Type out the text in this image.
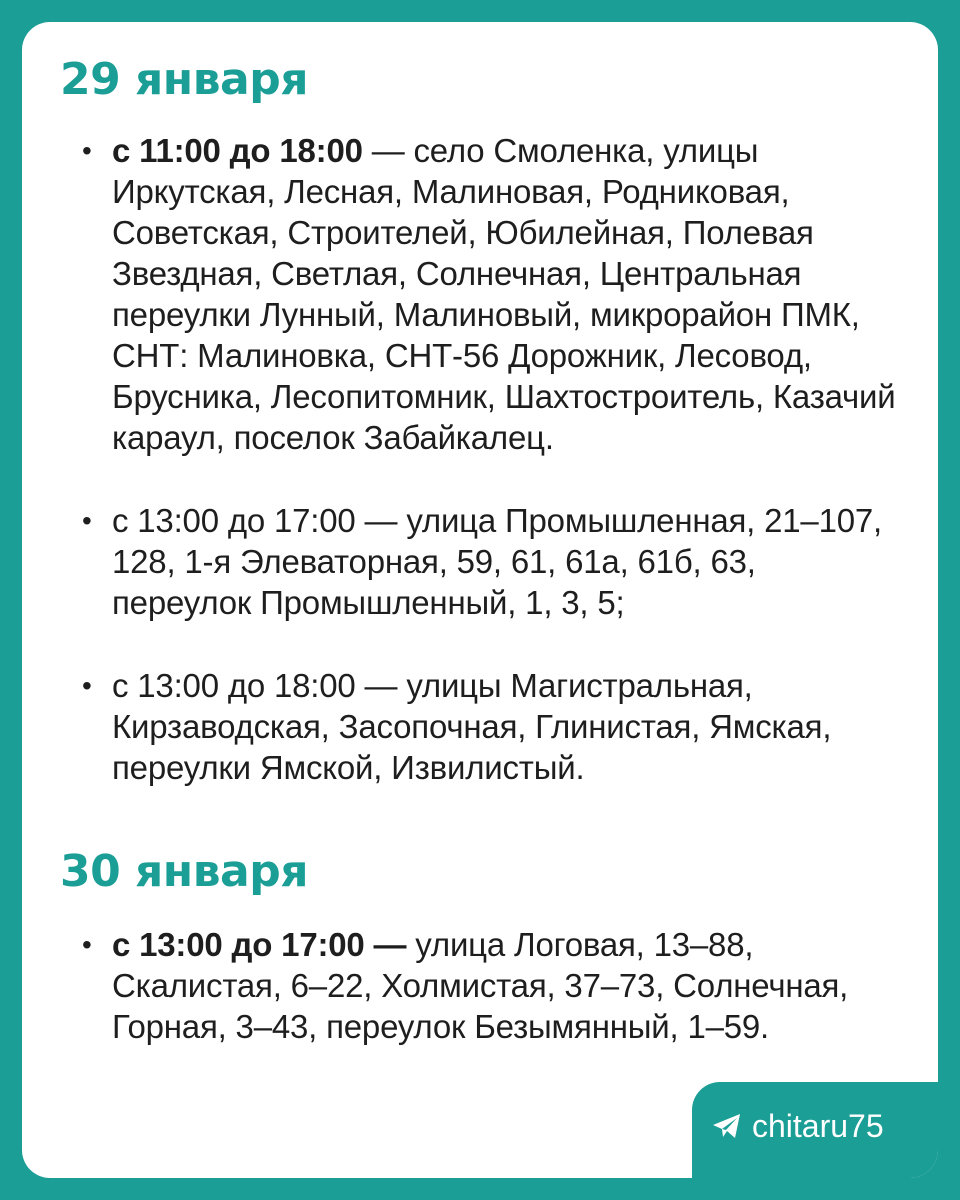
29 января
• с 11:00 до 18:00 — село Смоленка, улицы Иркутская, Лесная, Малиновая, Родниковая, Советская, Строителей, Юбилейная, Полевая Звездная, Светлая, Солнечная, Центральная переулки Лунный, Малиновый, микрорайон ПМК, СНТ: Малиновка, СНТ-56 Дорожник, Лесовод, Брусника, Лесопитомник, Шахтостроитель, Казачий караул, поселок Забайкалец.
• с 13:00 до 17:00 — улица Промышленная, 21–107, 128, 1-я Элеваторная, 59, 61, 61а, 61б, 63, переулок Промышленный, 1, 3, 5;
• с 13:00 до 18:00 — улицы Магистральная, Кирзаводская, Засопочная, Глинистая, Ямская, переулки Ямской, Извилистый.
30 января
• с 13:00 до 17:00 — улица Логовая, 13–88, Скалистая, 6–22, Холмистая, 37–73, Солнечная, Горная, 3–43, переулок Безымянный, 1–59.
chitaru75
